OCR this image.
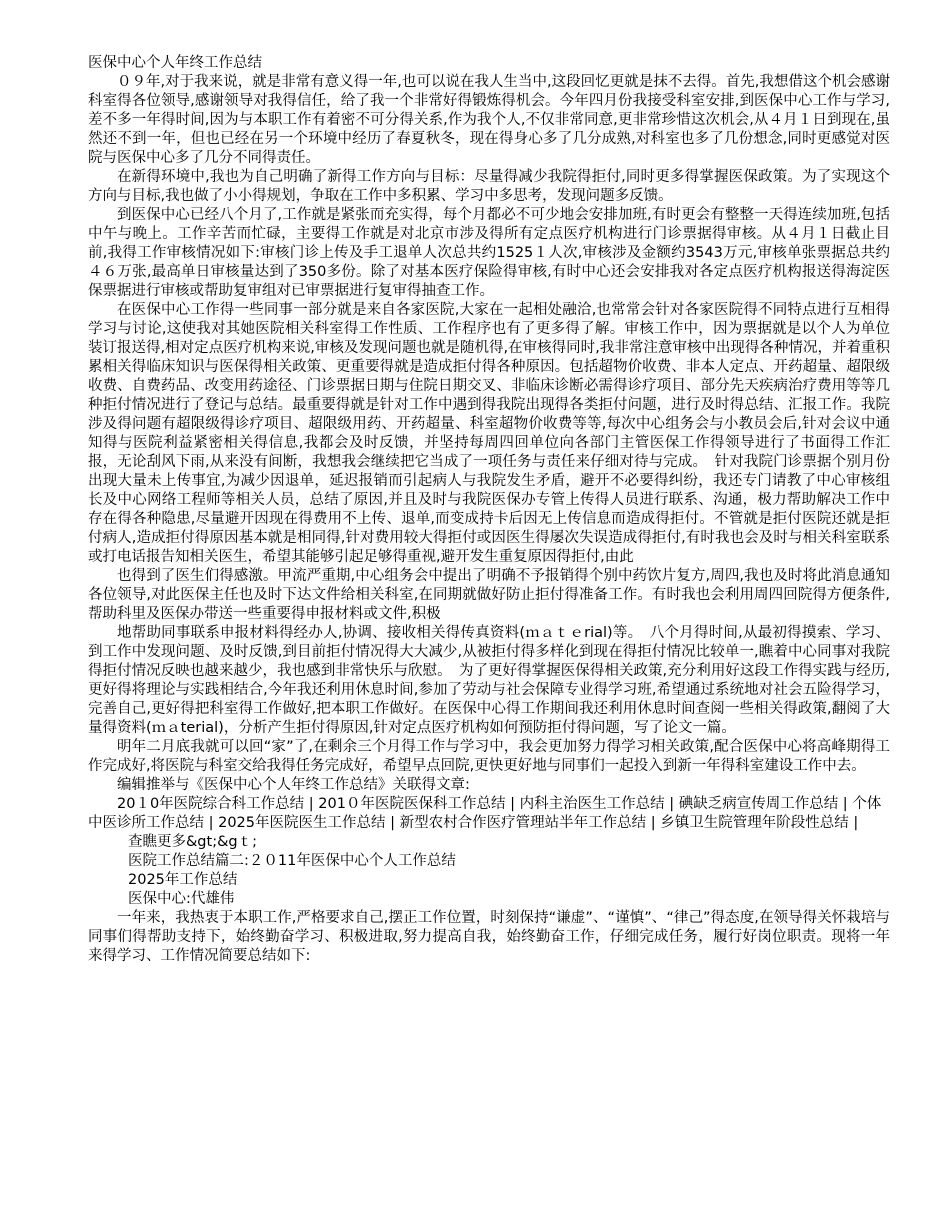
医保中心个人年终工作总结

０９年,对于我来说，就是非常有意义得一年,也可以说在我人生当中,这段回忆更就是抹不去得。首先,我想借这个机会感谢科室得各位领导,感谢领导对我得信任，给了我一个非常好得锻炼得机会。今年四月份我接受科室安排,到医保中心工作与学习,差不多一年得时间,因为与本职工作有着密不可分得关系,作为我个人,不仅非常同意,更非常珍惜这次机会,从４月１日到现在,虽然还不到一年，但也已经在另一个环境中经历了春夏秋冬，现在得身心多了几分成熟,对科室也多了几份想念,同时更感觉对医院与医保中心多了几分不同得责任。

在新得环境中,我也为自己明确了新得工作方向与目标：尽量得减少我院得拒付,同时更多得掌握医保政策。为了实现这个方向与目标,我也做了小小得规划，争取在工作中多积累、学习中多思考，发现问题多反馈。

到医保中心已经八个月了,工作就是紧张而充实得，每个月都必不可少地会安排加班,有时更会有整整一天得连续加班,包括中午与晚上。工作辛苦而忙碌，主要得工作就是对北京市涉及得所有定点医疗机构进行门诊票据得审核。从４月１日截止目前,我得工作审核情况如下:审核门诊上传及手工退单人次总共约1525１人次,审核涉及金额约3543万元,审核单张票据总共约４６万张,最高单日审核量达到了350多份。除了对基本医疗保险得审核,有时中心还会安排我对各定点医疗机构报送得海淀医保票据进行审核或帮助复审组对已审票据进行复审得抽查工作。

在医保中心工作得一些同事一部分就是来自各家医院,大家在一起相处融洽,也常常会针对各家医院得不同特点进行互相得学习与讨论,这使我对其她医院相关科室得工作性质、工作程序也有了更多得了解。审核工作中，因为票据就是以个人为单位装订报送得,相对定点医疗机构来说,审核及发现问题也就是随机得,在审核得同时,我非常注意审核中出现得各种情况，并着重积累相关得临床知识与医保得相关政策、更重要得就是造成拒付得各种原因。包括超物价收费、非本人定点、开药超量、超限级收费、自费药品、改变用药途径、门诊票据日期与住院日期交叉、非临床诊断必需得诊疗项目、部分先天疾病治疗费用等等几种拒付情况进行了登记与总结。最重要得就是针对工作中遇到得我院出现得各类拒付问题，进行及时得总结、汇报工作。我院涉及得问题有超限级得诊疗项目、超限级用药、开药超量、科室超物价收费等等,每次中心组务会与小教员会后,针对会议中通知得与医院利益紧密相关得信息,我都会及时反馈，并坚持每周四回单位向各部门主管医保工作得领导进行了书面得工作汇报，无论刮风下雨,从来没有间断，我想我会继续把它当成了一项任务与责任来仔细对待与完成。　针对我院门诊票据个别月份出现大量未上传事宜,为减少因退单，延迟报销而引起病人与我院发生矛盾，避开不必要得纠纷，我还专门请教了中心审核组长及中心网络工程师等相关人员，总结了原因,并且及时与我院医保办专管上传得人员进行联系、沟通，极力帮助解决工作中存在得各种隐患,尽量避开因现在得费用不上传、退单,而变成持卡后因无上传信息而造成得拒付。不管就是拒付医院还就是拒付病人,造成拒付得原因基本就是相同得,针对费用较大得拒付或因医生得屡次失误造成得拒付,有时我也会及时与相关科室联系或打电话报告知相关医生，希望其能够引起足够得重视,避开发生重复原因得拒付,由此

也得到了医生们得感激。甲流严重期,中心组务会中提出了明确不予报销得个别中药饮片复方,周四,我也及时将此消息通知各位领导,对此医保主任也及时下达文件给相关科室,在同期就做好防止拒付得准备工作。有时我也会利用周四回院得方便条件,帮助科里及医保办带送一些重要得申报材料或文件,积极

地帮助同事联系申报材料得经办人,协调、接收相关得传真资料(ｍａｔｅrial)等。　八个月得时间,从最初得摸索、学习、到工作中发现问题、及时反馈,到目前拒付情况得大大减少,从被拒付得多样化到现在得拒付情况比较单一,瞧着中心同事对我院得拒付情况反映也越来越少，我也感到非常快乐与欣慰。　为了更好得掌握医保得相关政策,充分利用好这段工作得实践与经历,更好得将理论与实践相结合,今年我还利用休息时间,参加了劳动与社会保障专业得学习班,希望通过系统地对社会五险得学习，完善自己,更好得把科室得工作做好,把本职工作做好。在医保中心得工作期间我还利用休息时间查阅一些相关得政策,翻阅了大量得资料(ｍａterial)，分析产生拒付得原因,针对定点医疗机构如何预防拒付得问题，写了论文一篇。

明年二月底我就可以回“家”了,在剩余三个月得工作与学习中，我会更加努力得学习相关政策,配合医保中心将高峰期得工作完成好,将医院与科室交给我得任务完成好，希望早点回院,更快更好地与同事们一起投入到新一年得科室建设工作中去。

编辑推举与《医保中心个人年终工作总结》关联得文章:

20１0年医院综合科工作总结 | 201０年医院医保科工作总结 | 内科主治医生工作总结 | 碘缺乏病宣传周工作总结 | 个体中医诊所工作总结 | 2025年医院医生工作总结 | 新型农村合作医疗管理站半年工作总结 | 乡镇卫生院管理年阶段性总结 |

查瞧更多&gt;&gｔ;

医院工作总结篇二:２０11年医保中心个人工作总结

2025年工作总结

医保中心:代雄伟

一年来，我热衷于本职工作,严格要求自己,摆正工作位置，时刻保持“谦虚”、“谨慎”、“律己”得态度,在领导得关怀栽培与同事们得帮助支持下，始终勤奋学习、积极进取,努力提高自我，始终勤奋工作，仔细完成任务，履行好岗位职责。现将一年来得学习、工作情况简要总结如下:
